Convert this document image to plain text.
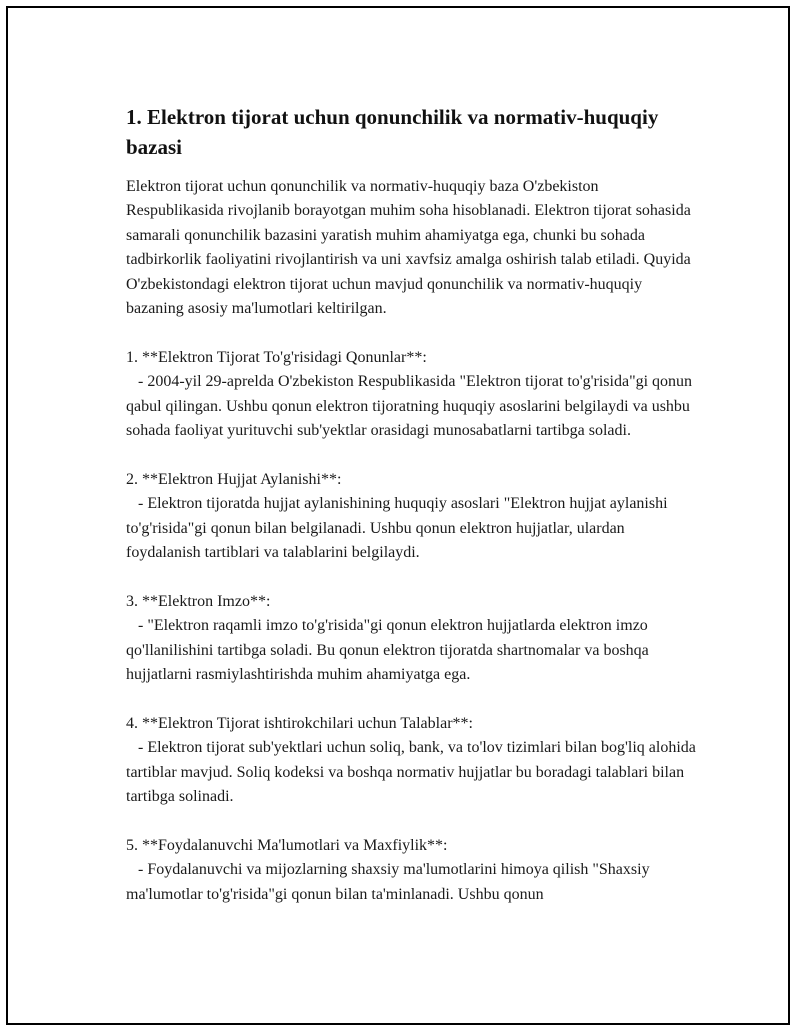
1. Elektron tijorat uchun qonunchilik va normativ-huquqiy bazasi

Elektron tijorat uchun qonunchilik va normativ-huquqiy baza O'zbekiston Respublikasida rivojlanib borayotgan muhim soha hisoblanadi. Elektron tijorat sohasida samarali qonunchilik bazasini yaratish muhim ahamiyatga ega, chunki bu sohada tadbirkorlik faoliyatini rivojlantirish va uni xavfsiz amalga oshirish talab etiladi. Quyida O'zbekistondagi elektron tijorat uchun mavjud qonunchilik va normativ-huquqiy bazaning asosiy ma'lumotlari keltirilgan.

1. **Elektron Tijorat To'g'risidagi Qonunlar**:
- 2004-yil 29-aprelda O'zbekiston Respublikasida "Elektron tijorat to'g'risida"gi qonun qabul qilingan. Ushbu qonun elektron tijoratning huquqiy asoslarini belgilaydi va ushbu sohada faoliyat yurituvchi sub'yektlar orasidagi munosabatlarni tartibga soladi.

2. **Elektron Hujjat Aylanishi**:
- Elektron tijoratda hujjat aylanishining huquqiy asoslari "Elektron hujjat aylanishi to'g'risida"gi qonun bilan belgilanadi. Ushbu qonun elektron hujjatlar, ulardan foydalanish tartiblari va talablarini belgilaydi.

3. **Elektron Imzo**:
- "Elektron raqamli imzo to'g'risida"gi qonun elektron hujjatlarda elektron imzo qo'llanilishini tartibga soladi. Bu qonun elektron tijoratda shartnomalar va boshqa hujjatlarni rasmiylashtirishda muhim ahamiyatga ega.

4. **Elektron Tijorat ishtirokchilari uchun Talablar**:
- Elektron tijorat sub'yektlari uchun soliq, bank, va to'lov tizimlari bilan bog'liq alohida tartiblar mavjud. Soliq kodeksi va boshqa normativ hujjatlar bu boradagi talablari bilan tartibga solinadi.

5. **Foydalanuvchi Ma'lumotlari va Maxfiylik**:
- Foydalanuvchi va mijozlarning shaxsiy ma'lumotlarini himoya qilish "Shaxsiy ma'lumotlar to'g'risida"gi qonun bilan ta'minlanadi. Ushbu qonun
